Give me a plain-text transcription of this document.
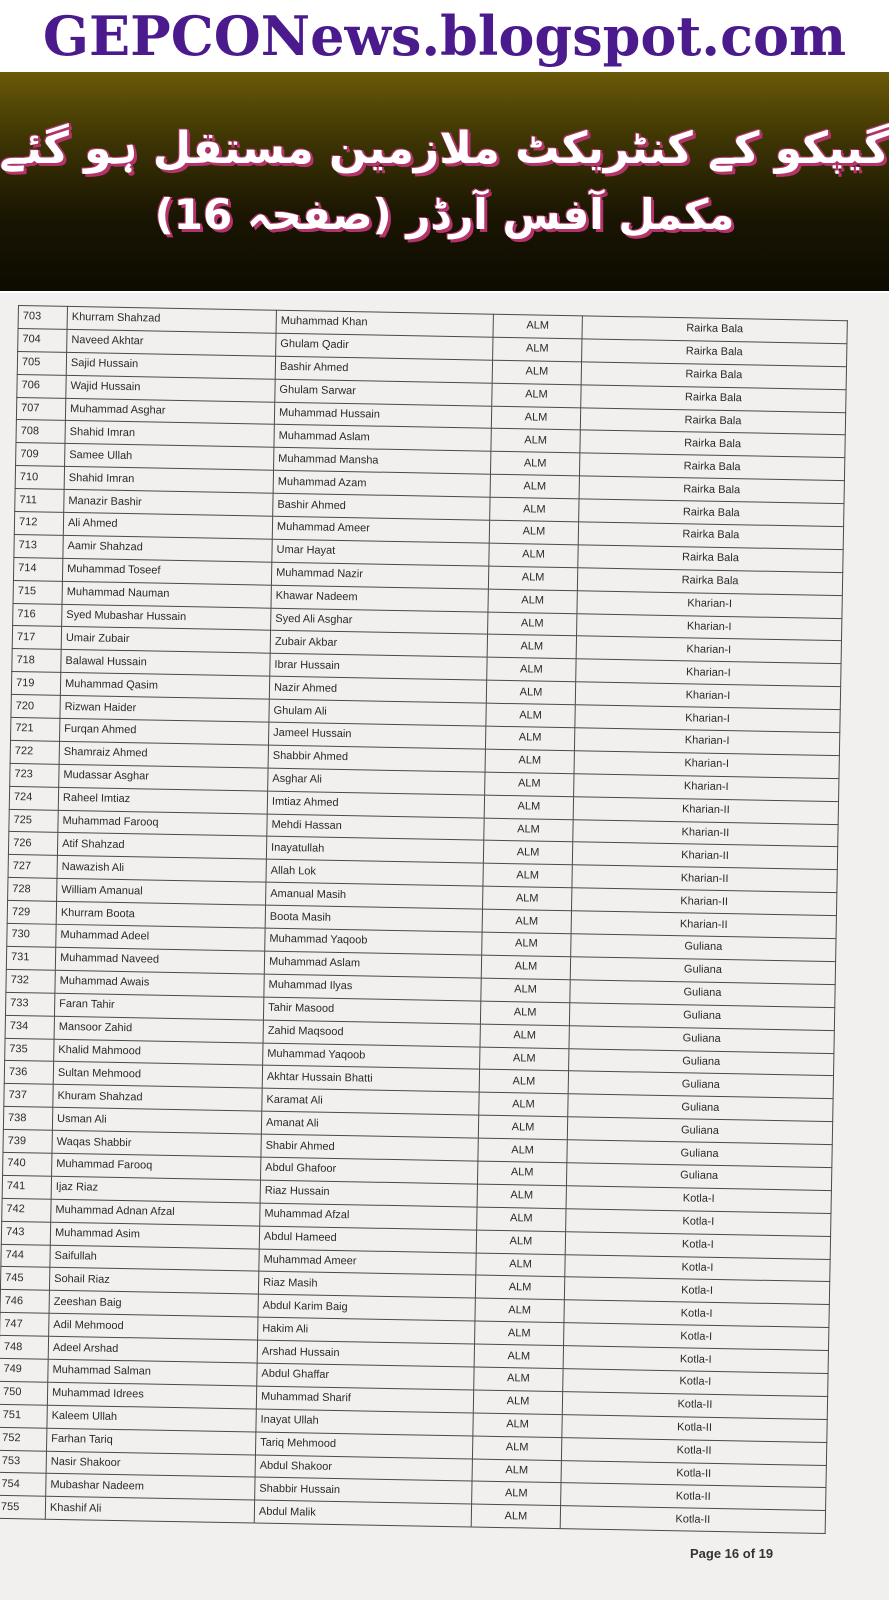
GEPCONews.blogspot.com
گیپکو کے کنٹریکٹ ملازمین مستقل ہو گئے
مکمل آفس آرڈر (صفحہ 16)
703	Khurram Shahzad	Muhammad Khan	ALM	Rairka Bala
704	Naveed Akhtar	Ghulam Qadir	ALM	Rairka Bala
705	Sajid Hussain	Bashir Ahmed	ALM	Rairka Bala
706	Wajid Hussain	Ghulam Sarwar	ALM	Rairka Bala
707	Muhammad Asghar	Muhammad Hussain	ALM	Rairka Bala
708	Shahid Imran	Muhammad Aslam	ALM	Rairka Bala
709	Samee Ullah	Muhammad Mansha	ALM	Rairka Bala
710	Shahid Imran	Muhammad Azam	ALM	Rairka Bala
711	Manazir Bashir	Bashir Ahmed	ALM	Rairka Bala
712	Ali Ahmed	Muhammad Ameer	ALM	Rairka Bala
713	Aamir Shahzad	Umar Hayat	ALM	Rairka Bala
714	Muhammad Toseef	Muhammad Nazir	ALM	Rairka Bala
715	Muhammad Nauman	Khawar Nadeem	ALM	Kharian-I
716	Syed Mubashar Hussain	Syed Ali Asghar	ALM	Kharian-I
717	Umair Zubair	Zubair Akbar	ALM	Kharian-I
718	Balawal Hussain	Ibrar Hussain	ALM	Kharian-I
719	Muhammad Qasim	Nazir Ahmed	ALM	Kharian-I
720	Rizwan Haider	Ghulam Ali	ALM	Kharian-I
721	Furqan Ahmed	Jameel Hussain	ALM	Kharian-I
722	Shamraiz Ahmed	Shabbir Ahmed	ALM	Kharian-I
723	Mudassar Asghar	Asghar Ali	ALM	Kharian-I
724	Raheel Imtiaz	Imtiaz Ahmed	ALM	Kharian-II
725	Muhammad Farooq	Mehdi Hassan	ALM	Kharian-II
726	Atif Shahzad	Inayatullah	ALM	Kharian-II
727	Nawazish Ali	Allah Lok	ALM	Kharian-II
728	William Amanual	Amanual Masih	ALM	Kharian-II
729	Khurram Boota	Boota Masih	ALM	Kharian-II
730	Muhammad Adeel	Muhammad Yaqoob	ALM	Guliana
731	Muhammad Naveed	Muhammad Aslam	ALM	Guliana
732	Muhammad Awais	Muhammad Ilyas	ALM	Guliana
733	Faran Tahir	Tahir Masood	ALM	Guliana
734	Mansoor Zahid	Zahid Maqsood	ALM	Guliana
735	Khalid Mahmood	Muhammad Yaqoob	ALM	Guliana
736	Sultan Mehmood	Akhtar Hussain Bhatti	ALM	Guliana
737	Khuram Shahzad	Karamat Ali	ALM	Guliana
738	Usman Ali	Amanat Ali	ALM	Guliana
739	Waqas Shabbir	Shabir Ahmed	ALM	Guliana
740	Muhammad Farooq	Abdul Ghafoor	ALM	Guliana
741	Ijaz Riaz	Riaz Hussain	ALM	Kotla-I
742	Muhammad Adnan Afzal	Muhammad Afzal	ALM	Kotla-I
743	Muhammad Asim	Abdul Hameed	ALM	Kotla-I
744	Saifullah	Muhammad Ameer	ALM	Kotla-I
745	Sohail Riaz	Riaz Masih	ALM	Kotla-I
746	Zeeshan Baig	Abdul Karim Baig	ALM	Kotla-I
747	Adil Mehmood	Hakim Ali	ALM	Kotla-I
748	Adeel Arshad	Arshad Hussain	ALM	Kotla-I
749	Muhammad Salman	Abdul Ghaffar	ALM	Kotla-I
750	Muhammad Idrees	Muhammad Sharif	ALM	Kotla-II
751	Kaleem Ullah	Inayat Ullah	ALM	Kotla-II
752	Farhan Tariq	Tariq Mehmood	ALM	Kotla-II
753	Nasir Shakoor	Abdul Shakoor	ALM	Kotla-II
754	Mubashar Nadeem	Shabbir Hussain	ALM	Kotla-II
755	Khashif Ali	Abdul Malik	ALM	Kotla-II
Page 16 of 19
